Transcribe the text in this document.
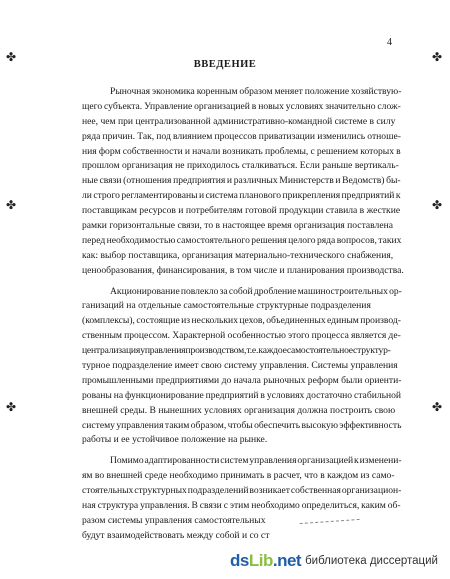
4
✤	✤
✤	✤
✤	✤
ВВЕДЕНИЕ
Рыночная экономика коренным образом меняет положение хозяйствую-
щего субъекта. Управление организацией в новых условиях значительно слож-
нее, чем при централизованной административно-командной системе в силу
ряда причин. Так, под влиянием процессов приватизации изменились отноше-
ния форм собственности и начали возникать проблемы, с решением которых в
прошлом организация не приходилось сталкиваться. Если раньше вертикаль-
ные связи (отношения предприятия и различных Министерств и Ведомств) бы-
ли строго регламентированы и система планового прикрепления предприятий к
поставщикам ресурсов и потребителям готовой продукции ставила в жесткие
рамки горизонтальные связи, то в настоящее время организация поставлена
перед необходимостью самостоятельного решения целого ряда вопросов, таких
как: выбор поставщика, организация материально-технического снабжения,
ценообразования, финансирования, в том числе и планирования производства.
Акционирование повлекло за собой дробление машиностроительных ор-
ганизаций на отдельные самостоятельные структурные подразделения
(комплексы), состоящие из нескольких цехов, объединенных единым производ-
ственным процессом. Характерной особенностью этого процесса является де-
централизация управления производством, т.е. каждое самостоятельное структур-
турное подразделение имеет свою систему управления. Системы управления
промышленными предприятиями до начала рыночных реформ были ориенти-
рованы на функционирование предприятий в условиях достаточно стабильной
внешней среды. В нынешних условиях организация должна построить свою
систему управления таким образом, чтобы обеспечить высокую эффективность
работы и ее устойчивое положение на рынке.
Помимо адаптированности систем управления организацией к изменени-
ям во внешней среде необходимо принимать в расчет, что в каждом из само-
стоятельных структурных подразделений возникает собственная организацион-
ная структура управления. В связи с этим необходимо определиться, каким об-
разом системы управления самостоятельных
будут взаимодействовать между собой и со ст
dsLib.net библиотека диссертаций
